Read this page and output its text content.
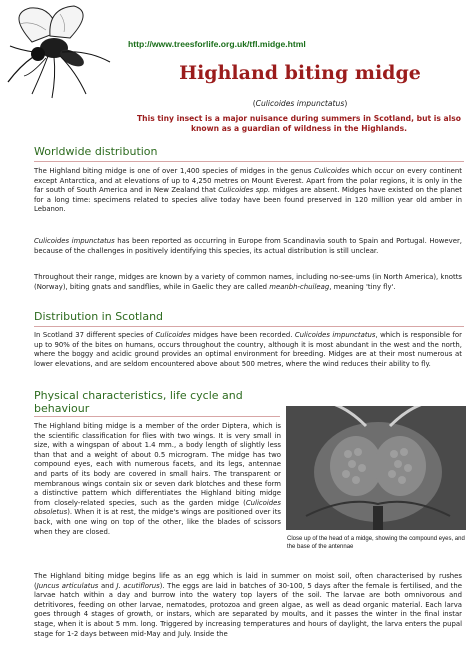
http://www.treesforlife.org.uk/tfl.midge.html
Highland biting midge
(Culicoides impunctatus)
This tiny insect is a major nuisance during summers in Scotland, but is also known as a guardian of wildness in the Highlands.
Worldwide distribution

The Highland biting midge is one of over 1,400 species of midges in the genus Culicoides which occur on every continent except Antarctica, and at elevations of up to 4,250 metres on Mount Everest. Apart from the polar regions, it is only in the far south of South America and in New Zealand that Culicoides spp. midges are absent. Midges have existed on the planet for a long time: specimens related to species alive today have been found preserved in 120 million year old amber in Lebanon.

Culicoides impunctatus has been reported as occurring in Europe from Scandinavia south to Spain and Portugal. However, because of the challenges in positively identifying this species, its actual distribution is still unclear.

Throughout their range, midges are known by a variety of common names, including no-see-ums (in North America), knotts (Norway), biting gnats and sandflies, while in Gaelic they are called meanbh-chuileag, meaning 'tiny fly'.

Distribution in Scotland

In Scotland 37 different species of Culicoides midges have been recorded. Culicoides impunctatus, which is responsible for up to 90% of the bites on humans, occurs throughout the country, although it is most abundant in the west and the north, where the boggy and acidic ground provides an optimal environment for breeding. Midges are at their most numerous at lower elevations, and are seldom encountered above about 500 metres, where the wind reduces their ability to fly.

Physical characteristics, life cycle and behaviour

The Highland biting midge is a member of the order Diptera, which is the scientific classification for flies with two wings. It is very small in size, with a wingspan of about 1.4 mm., a body length of slightly less than that and a weight of about 0.5 microgram. The midge has two compound eyes, each with numerous facets, and its legs, antennae and parts of its body are covered in small hairs. The transparent or membranous wings contain six or seven dark blotches and these form a distinctive pattern which differentiates the Highland biting midge from closely-related species, such as the garden midge (Culicoides obsoletus). When it is at rest, the midge's wings are positioned over its back, with one wing on top of the other, like the blades of scissors when they are closed.

Close up of the head of a midge, showing the compound eyes, and the base of the antennae

The Highland biting midge begins life as an egg which is laid in summer on moist soil, often characterised by rushes (Juncus articulatus and J. acutiflorus). The eggs are laid in batches of 30-100, 5 days after the female is fertilised, and the larvae hatch within a day and burrow into the watery top layers of the soil. The larvae are both omnivorous and detritivores, feeding on other larvae, nematodes, protozoa and green algae, as well as dead organic material. Each larva goes through 4 stages of growth, or instars, which are separated by moults, and it passes the winter in the final instar stage, when it is about 5 mm. long. Triggered by increasing temperatures and hours of daylight, the larva enters the pupal stage for 1-2 days between mid-May and July. Inside the
